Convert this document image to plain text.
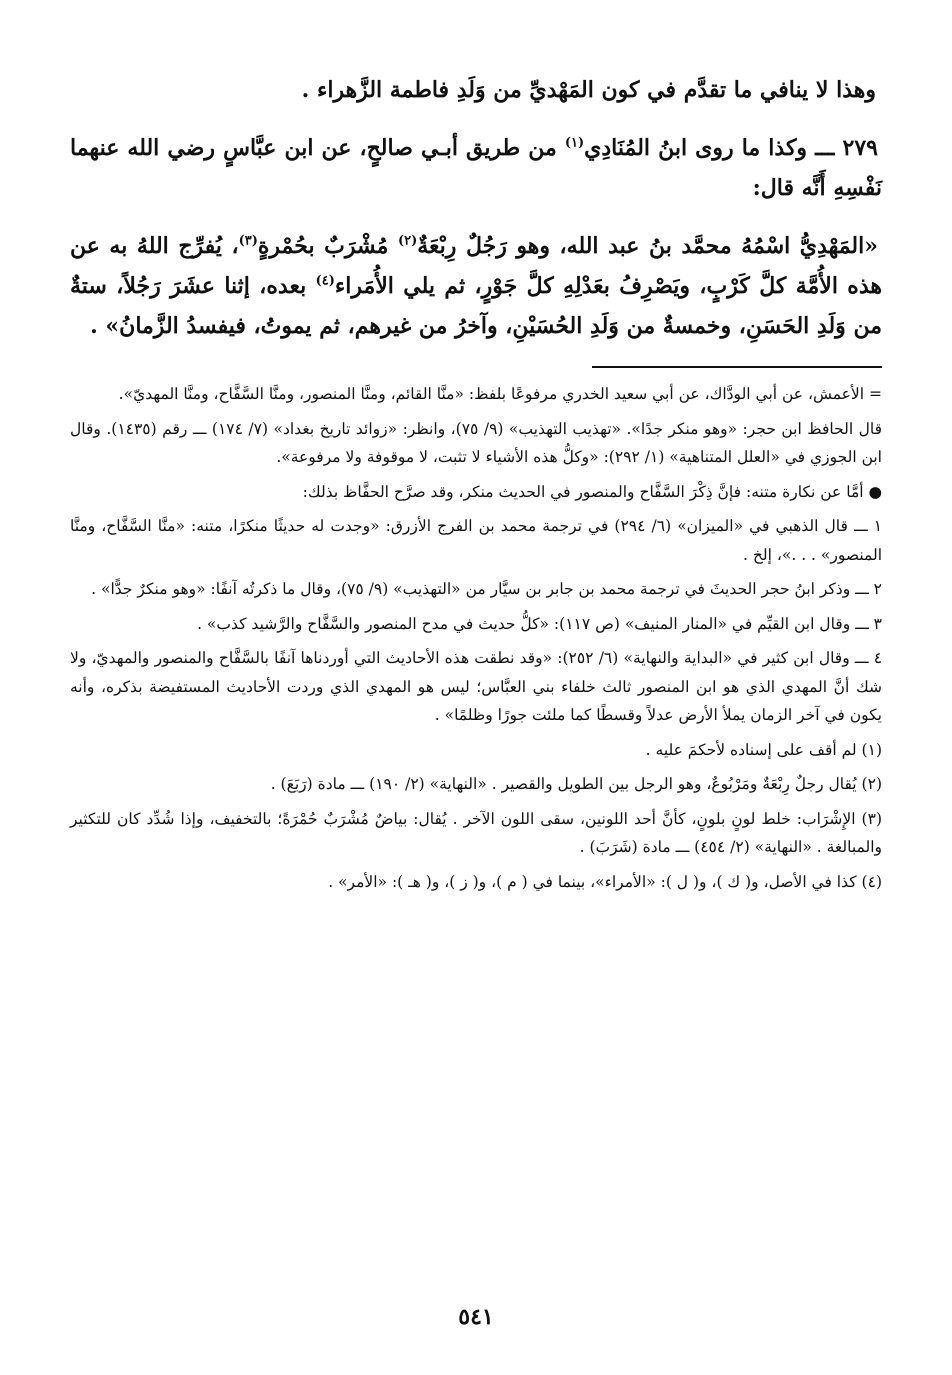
وهذا لا ينافي ما تقدَّم في كون المَهْديِّ من وَلَدِ فاطمة الزَّهراء .

٢٧٩ ـــ وكذا ما روى ابنُ المُنَادِي$^{(١)}$ من طريق أبـي صالحٍ، عن ابن عبَّاسٍ رضي الله عنهما نَفْسِهِ أَنَّه قال:

«المَهْدِيُّ اسْمُهُ محمَّد بنُ عبد الله، وهو رَجُلٌ رِبْعَةٌ$^{(٢)}$ مُشْرَبٌ بحُمْرةٍ$^{(٣)}$، يُفرِّج اللهُ به عن هذه الأُمَّة كلَّ كَرْبٍ، ويَصْرِفُ بعَدْلِهِ كلَّ جَوْرٍ، ثم يلي الأُمَراء$^{(٤)}$ بعده، إثنا عشَرَ رَجُلاً، ستةٌ من وَلَدِ الحَسَنِ، وخمسةٌ من وَلَدِ الحُسَيْنِ، وآخرُ من غيرهم، ثم يموتُ، فيفسدُ الزَّمانُ» .

= الأعمش، عن أبي الودَّاك، عن أبي سعيد الخدري مرفوعًا بلفظ: «منَّا القائم، ومنَّا المنصور، ومنَّا السَّفَّاح، ومنَّا المهديّ».

قال الحافظ ابن حجر: «وهو منكر جدًا». «تهذيب التهذيب» (٩/ ٧٥)، وانظر: «زوائد تاريخ بغداد» (٧/ ١٧٤) ـــ رقم (١٤٣٥). وقال ابن الجوزي في «العلل المتناهية» (١/ ٢٩٢): «وكلُّ هذه الأشياء لا تثبت، لا موقوفة ولا مرفوعة».

● أمَّا عن نكارة متنه: فإنَّ ذِكْرَ السَّفَّاح والمنصور في الحديث منكر، وقد صرَّح الحفَّاظ بذلك:

١ ـــ قال الذهبي في «الميزان» (٦/ ٢٩٤) في ترجمة محمد بن الفرج الأزرق: «وجدت له حديثًا منكرًا، متنه: «منَّا السَّفَّاح، ومنَّا المنصور» . . .»، إلخ .

٢ ـــ وذكر ابنُ حجر الحديثَ في ترجمة محمد بن جابر بن سيَّار من «التهذيب» (٩/ ٧٥)، وقال ما ذكرتُه آنفًا: «وهو منكرٌ جدًّا» .

٣ ـــ وقال ابن القيِّم في «المنار المنيف» (ص ١١٧): «كلُّ حديث في مدح المنصور والسَّفَّاح والرَّشيد كذب» .

٤ ـــ وقال ابن كثير في «البداية والنهاية» (٦/ ٢٥٢): «وقد نطقت هذه الأحاديث التي أوردناها آنفًا بالسَّفَّاح والمنصور والمهديّ، ولا شك أنَّ المهدي الذي هو ابن المنصور ثالث خلفاء بني العبَّاس؛ ليس هو المهدي الذي وردت الأحاديث المستفيضة بذكره، وأنه يكون في آخر الزمان يملأ الأرض عدلاً وقسطًا كما ملئت جورًا وظلمًا» .

(١) لم أقف على إسناده لأحكمَ عليه .

(٢) يُقال رجلٌ رِبْعَةٌ ومَرْبُوعٌ، وهو الرجل بين الطويل والقصير . «النهاية» (٢/ ١٩٠) ـــ مادة (رَبَعَ) .

(٣) الإِشْرَاب: خلط لونٍ بلونٍ، كأنَّ أحد اللونين، سقى اللون الآخر . يُقال: بياضٌ مُشْرَبٌ حُمْرَةً؛ بالتخفيف، وإذا شُدِّد كان للتكثير والمبالغة . «النهاية» (٢/ ٤٥٤) ـــ مادة (شَرَبَ) .

(٤) كذا في الأصل، و( ك )، و( ل ): «الأمراء»، بينما في ( م )، و( ز )، و( هـ ): «الأمر» .

٥٤١
